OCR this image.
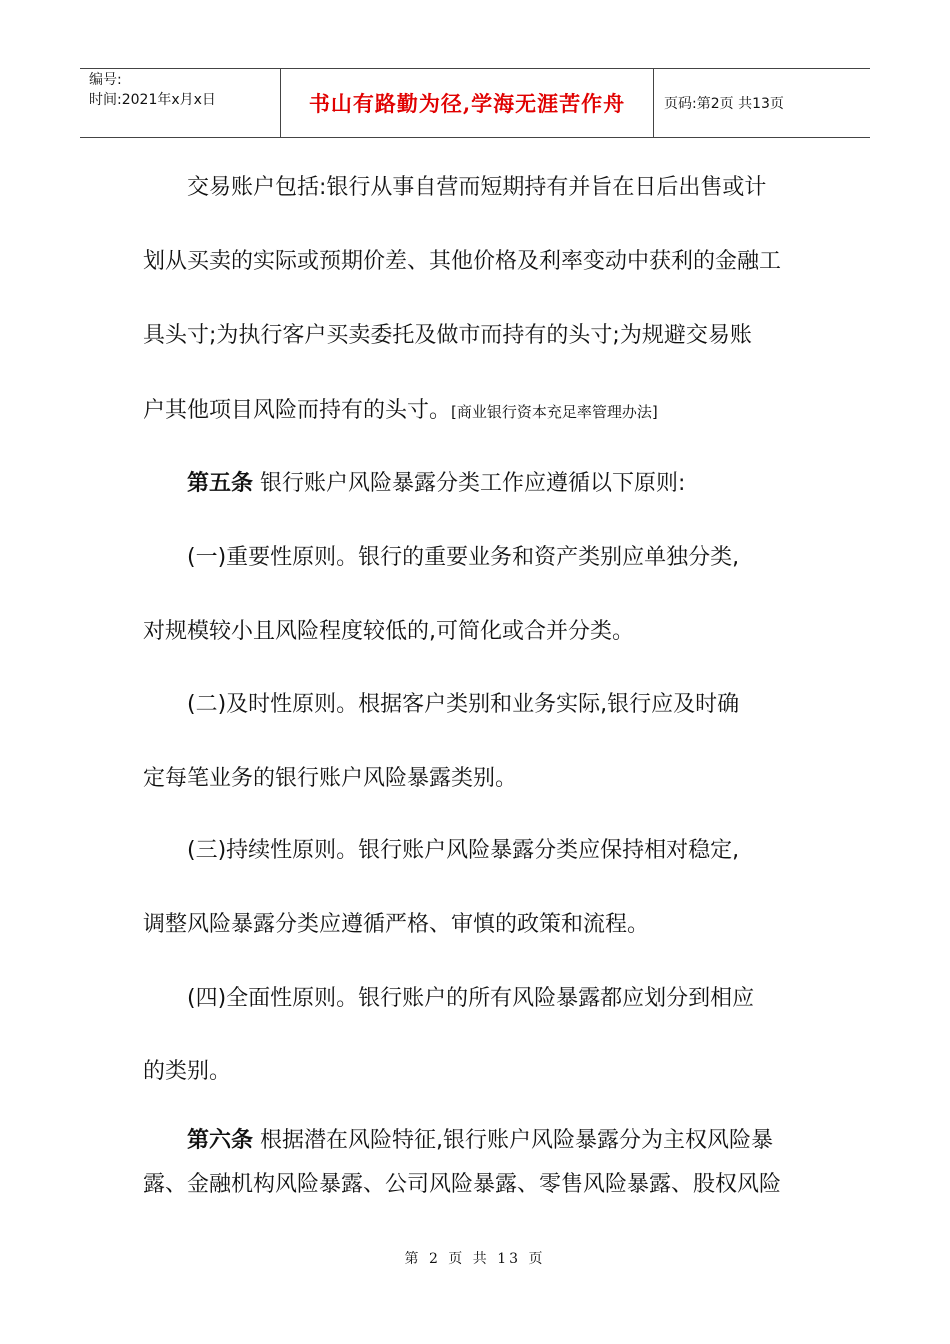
编号:
时间:2021年x月x日	书山有路勤为径,学海无涯苦作舟	页码:第2页 共13页

交易账户包括:银行从事自营而短期持有并旨在日后出售或计

划从买卖的实际或预期价差、其他价格及利率变动中获利的金融工

具头寸;为执行客户买卖委托及做市而持有的头寸;为规避交易账

户其他项目风险而持有的头寸。[商业银行资本充足率管理办法]

第五条 银行账户风险暴露分类工作应遵循以下原则:

(一)重要性原则。银行的重要业务和资产类别应单独分类,

对规模较小且风险程度较低的,可简化或合并分类。

(二)及时性原则。根据客户类别和业务实际,银行应及时确

定每笔业务的银行账户风险暴露类别。

(三)持续性原则。银行账户风险暴露分类应保持相对稳定,

调整风险暴露分类应遵循严格、审慎的政策和流程。

(四)全面性原则。银行账户的所有风险暴露都应划分到相应

的类别。

第六条 根据潜在风险特征,银行账户风险暴露分为主权风险暴

露、金融机构风险暴露、公司风险暴露、零售风险暴露、股权风险

第 2 页 共 13 页
